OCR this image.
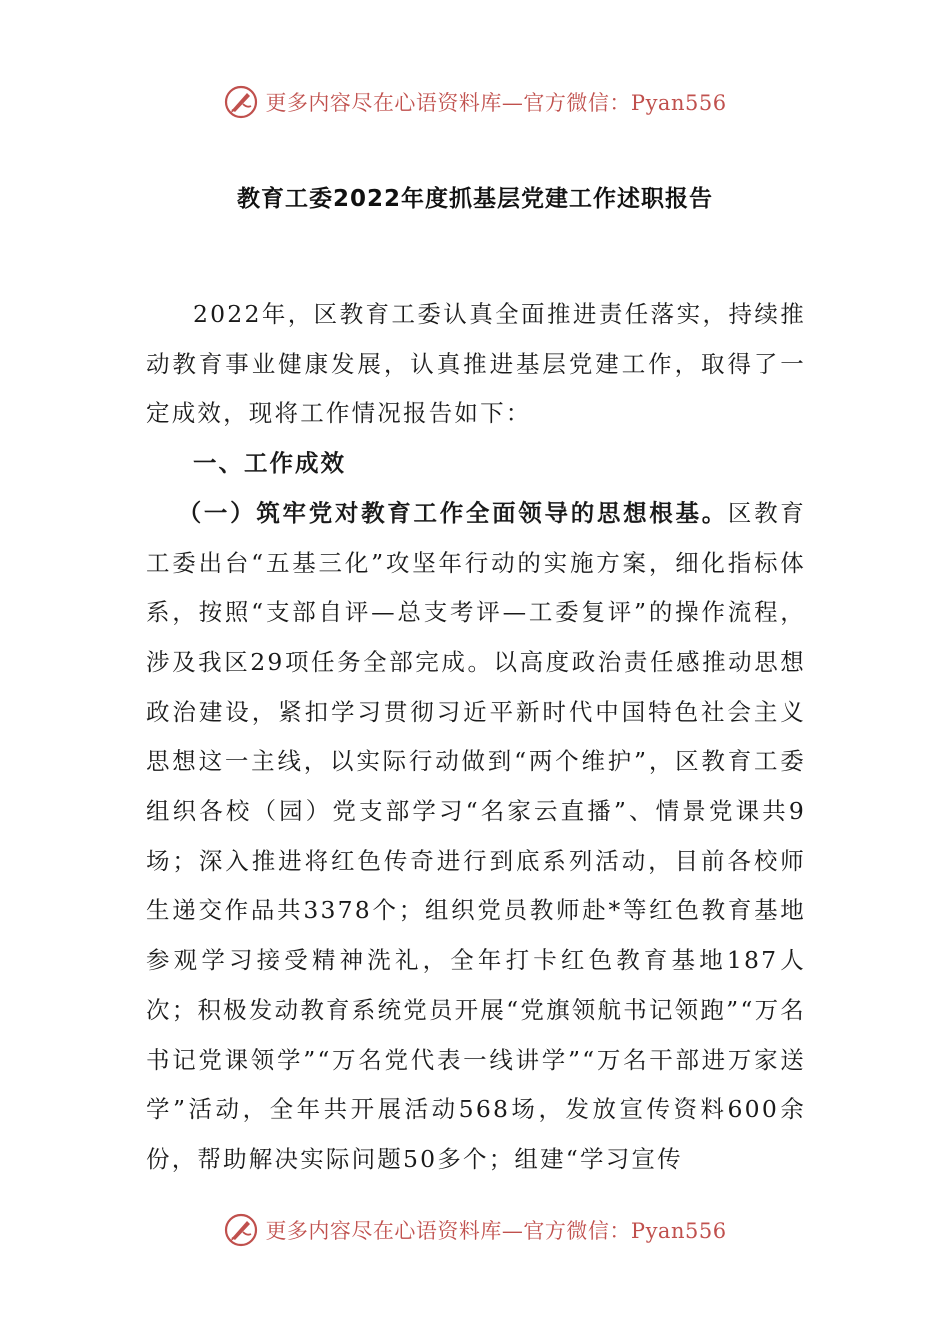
更多内容尽在心语资料库—官方微信：Pyan556
教育工委2022年度抓基层党建工作述职报告

2022年，区教育工委认真全面推进责任落实，持续推动教育事业健康发展，认真推进基层党建工作，取得了一定成效，现将工作情况报告如下：

一、工作成效

（一）筑牢党对教育工作全面领导的思想根基。区教育工委出台“五基三化”攻坚年行动的实施方案，细化指标体系，按照“支部自评—总支考评—工委复评”的操作流程，涉及我区29项任务全部完成。以高度政治责任感推动思想政治建设，紧扣学习贯彻习近平新时代中国特色社会主义思想这一主线，以实际行动做到“两个维护”，区教育工委组织各校（园）党支部学习“名家云直播”、情景党课共9场；深入推进将红色传奇进行到底系列活动，目前各校师生递交作品共3378个；组织党员教师赴*等红色教育基地参观学习接受精神洗礼，全年打卡红色教育基地187人次；积极发动教育系统党员开展“党旗领航书记领跑”“万名书记党课领学”“万名党代表一线讲学”“万名干部进万家送学”活动，全年共开展活动568场，发放宣传资料600余份，帮助解决实际问题50多个；组建“学习宣传

更多内容尽在心语资料库—官方微信：Pyan556
